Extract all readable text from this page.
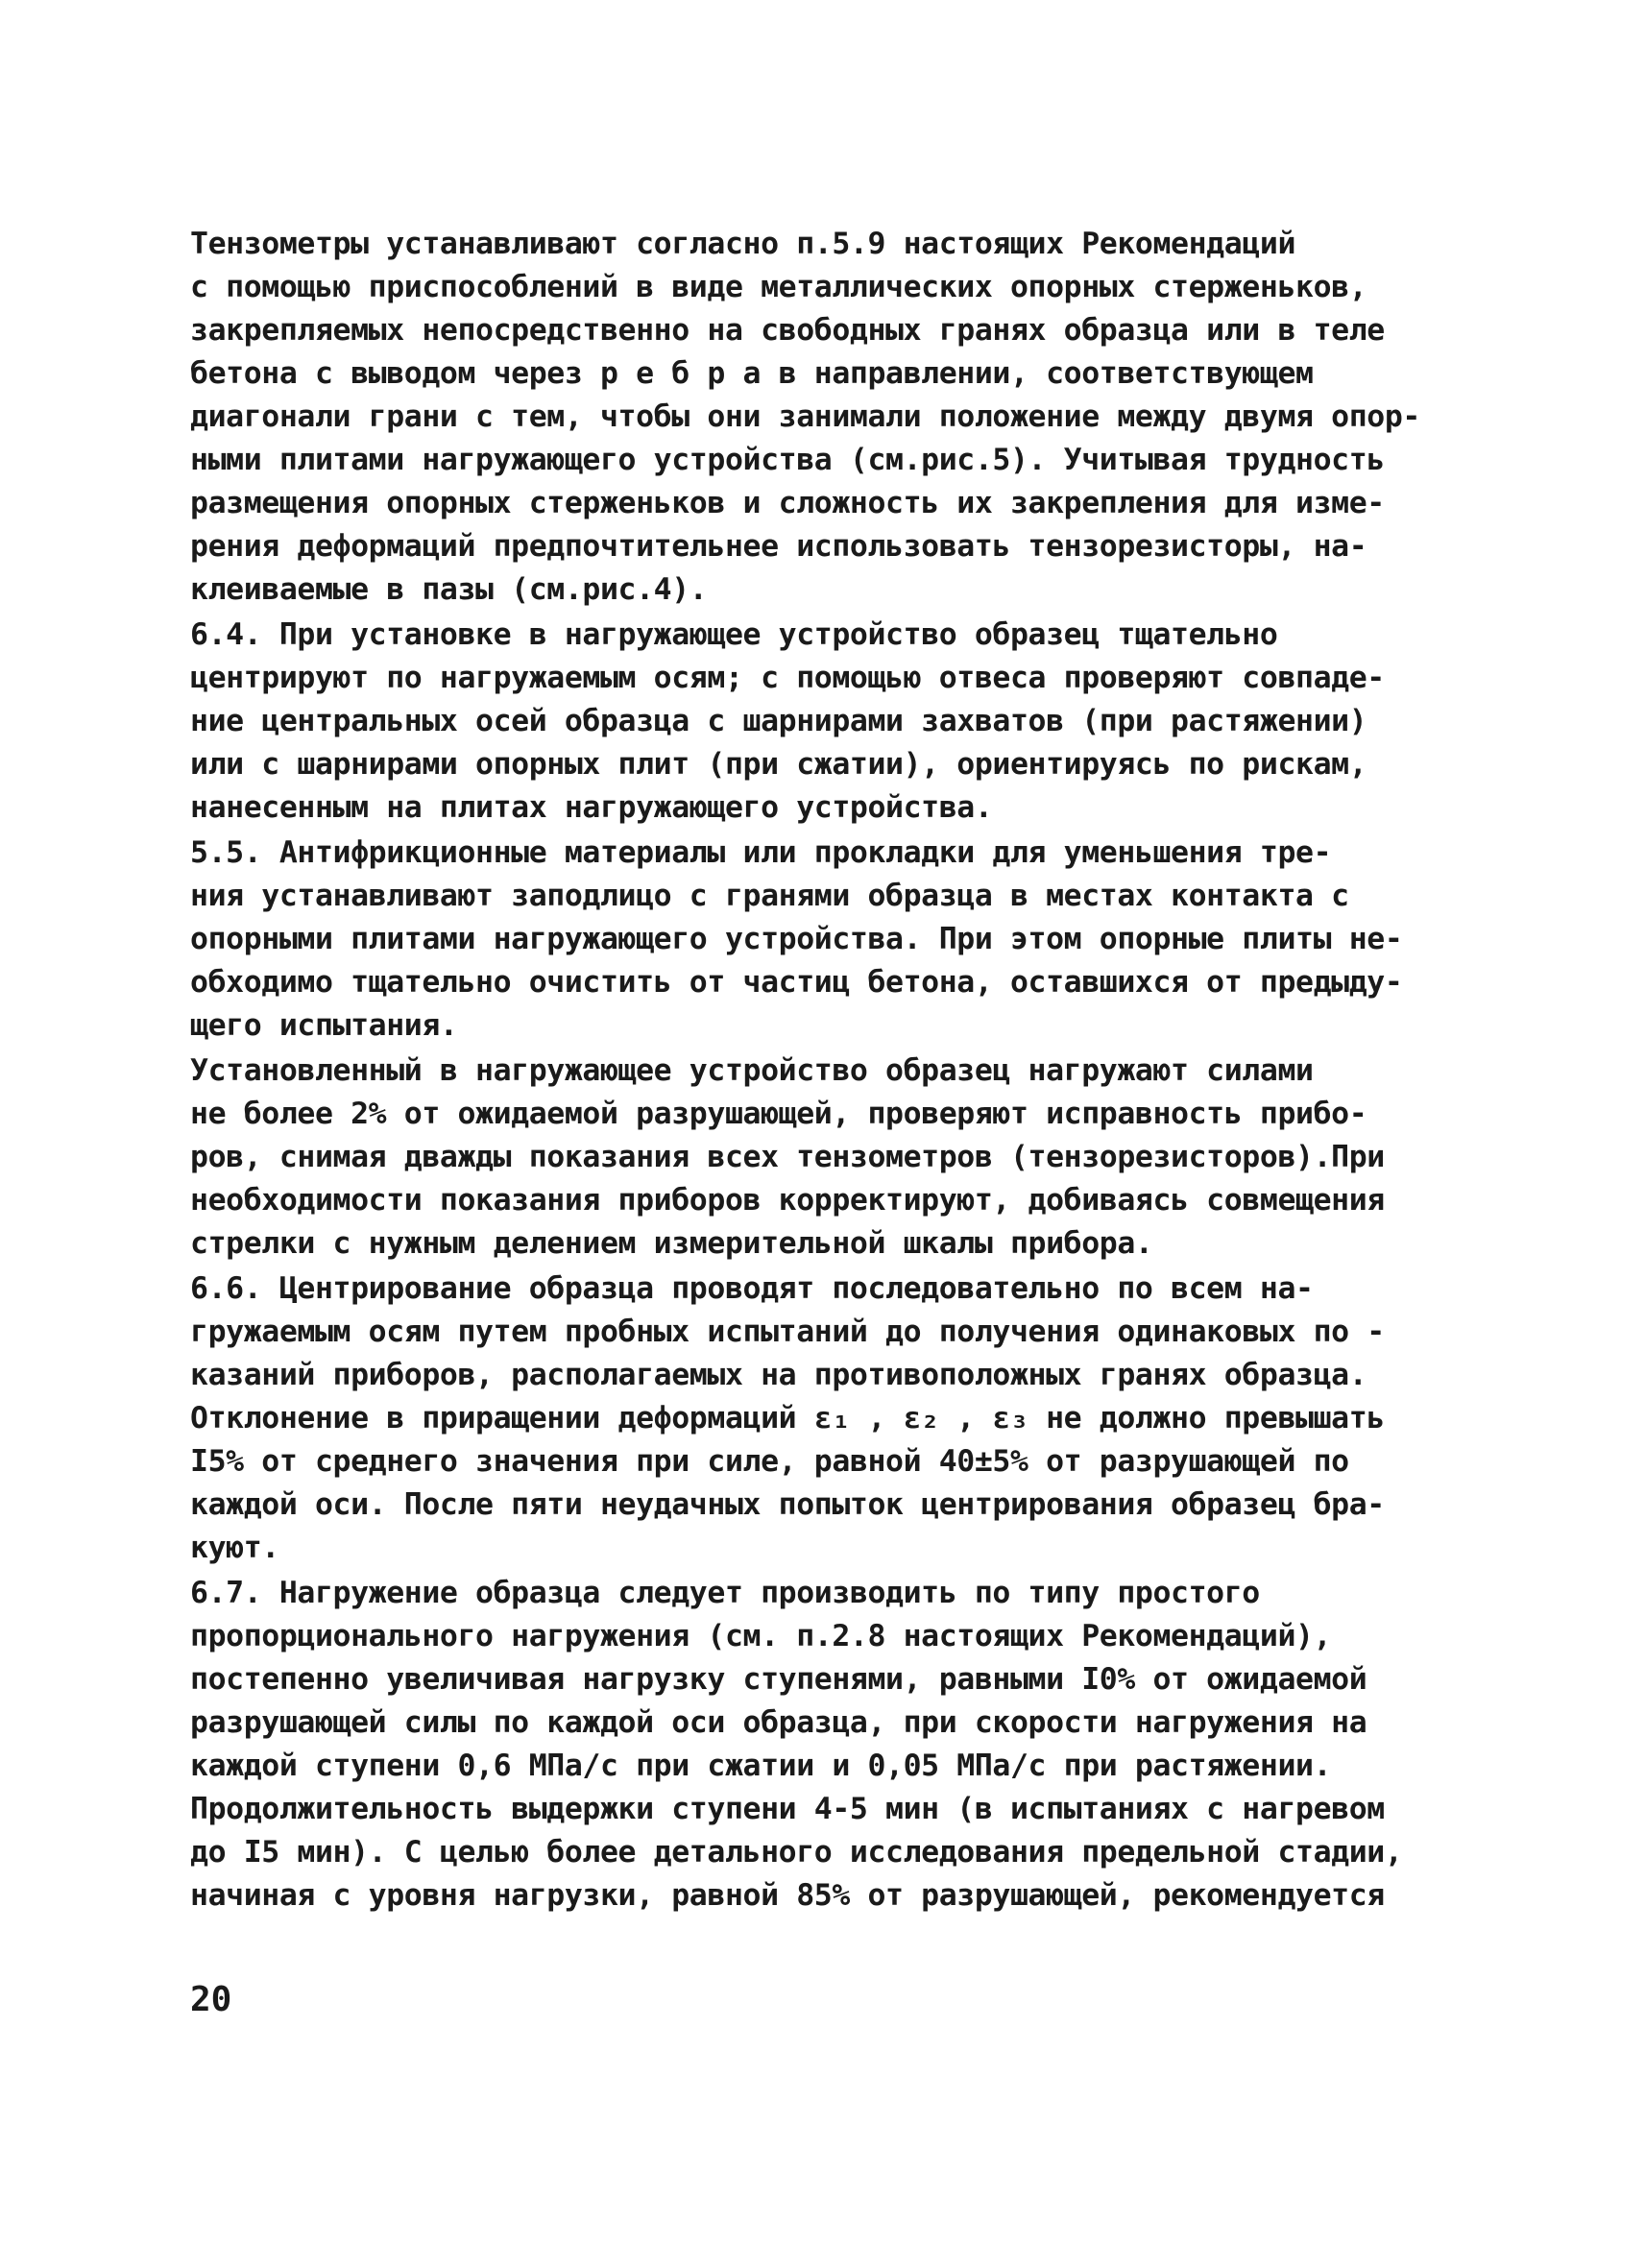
Тензометры устанавливают согласно п.5.9 настоящих Рекомендаций
с помощью приспособлений в виде металлических опорных стерженьков,
закрепляемых непосредственно на свободных гранях образца или в теле
бетона с выводом через р е б р а в направлении, соответствующем
диагонали грани с тем, чтобы они занимали положение между двумя опор-
ными плитами нагружающего устройства (см.рис.5). Учитывая трудность
размещения опорных стерженьков и сложность их закрепления для изме-
рения деформаций предпочтительнее использовать тензорезисторы, на-
клеиваемые в пазы (см.рис.4).

6.4. При установке в нагружающее устройство образец тщательно
центрируют по нагружаемым осям; с помощью отвеса проверяют совпаде-
ние центральных осей образца с шарнирами захватов (при растяжении)
или с шарнирами опорных плит (при сжатии), ориентируясь по рискам,
нанесенным на плитах нагружающего устройства.

5.5. Антифрикционные материалы или прокладки для уменьшения тре-
ния устанавливают заподлицо с гранями образца в местах контакта с
опорными плитами нагружающего устройства. При этом опорные плиты не-
обходимо тщательно очистить от частиц бетона, оставшихся от предыду-
щего испытания.

Установленный в нагружающее устройство образец нагружают силами
не более 2% от ожидаемой разрушающей, проверяют исправность прибо-
ров, снимая дважды показания всех тензометров (тензорезисторов).При
необходимости показания приборов корректируют, добиваясь совмещения
стрелки с нужным делением измерительной шкалы прибора.

6.6. Центрирование образца проводят последовательно по всем на-
гружаемым осям путем пробных испытаний до получения одинаковых по -
казаний приборов, располагаемых на противоположных гранях образца.
Отклонение в приращении деформаций ε₁ , ε₂ , ε₃ не должно превышать
I5% от среднего значения при силе, равной 40±5% от разрушающей по
каждой оси. После пяти неудачных попыток центрирования образец бра-
куют.

6.7. Нагружение образца следует производить по типу простого
пропорционального нагружения (см. п.2.8 настоящих Рекомендаций),
постепенно увеличивая нагрузку ступенями, равными I0% от ожидаемой
разрушающей силы по каждой оси образца, при скорости нагружения на
каждой ступени 0,6 МПа/с при сжатии и 0,05 МПа/с при растяжении.
Продолжительность выдержки ступени 4-5 мин (в испытаниях с нагревом
до I5 мин). С целью более детального исследования предельной стадии,
начиная с уровня нагрузки, равной 85% от разрушающей, рекомендуется

20
